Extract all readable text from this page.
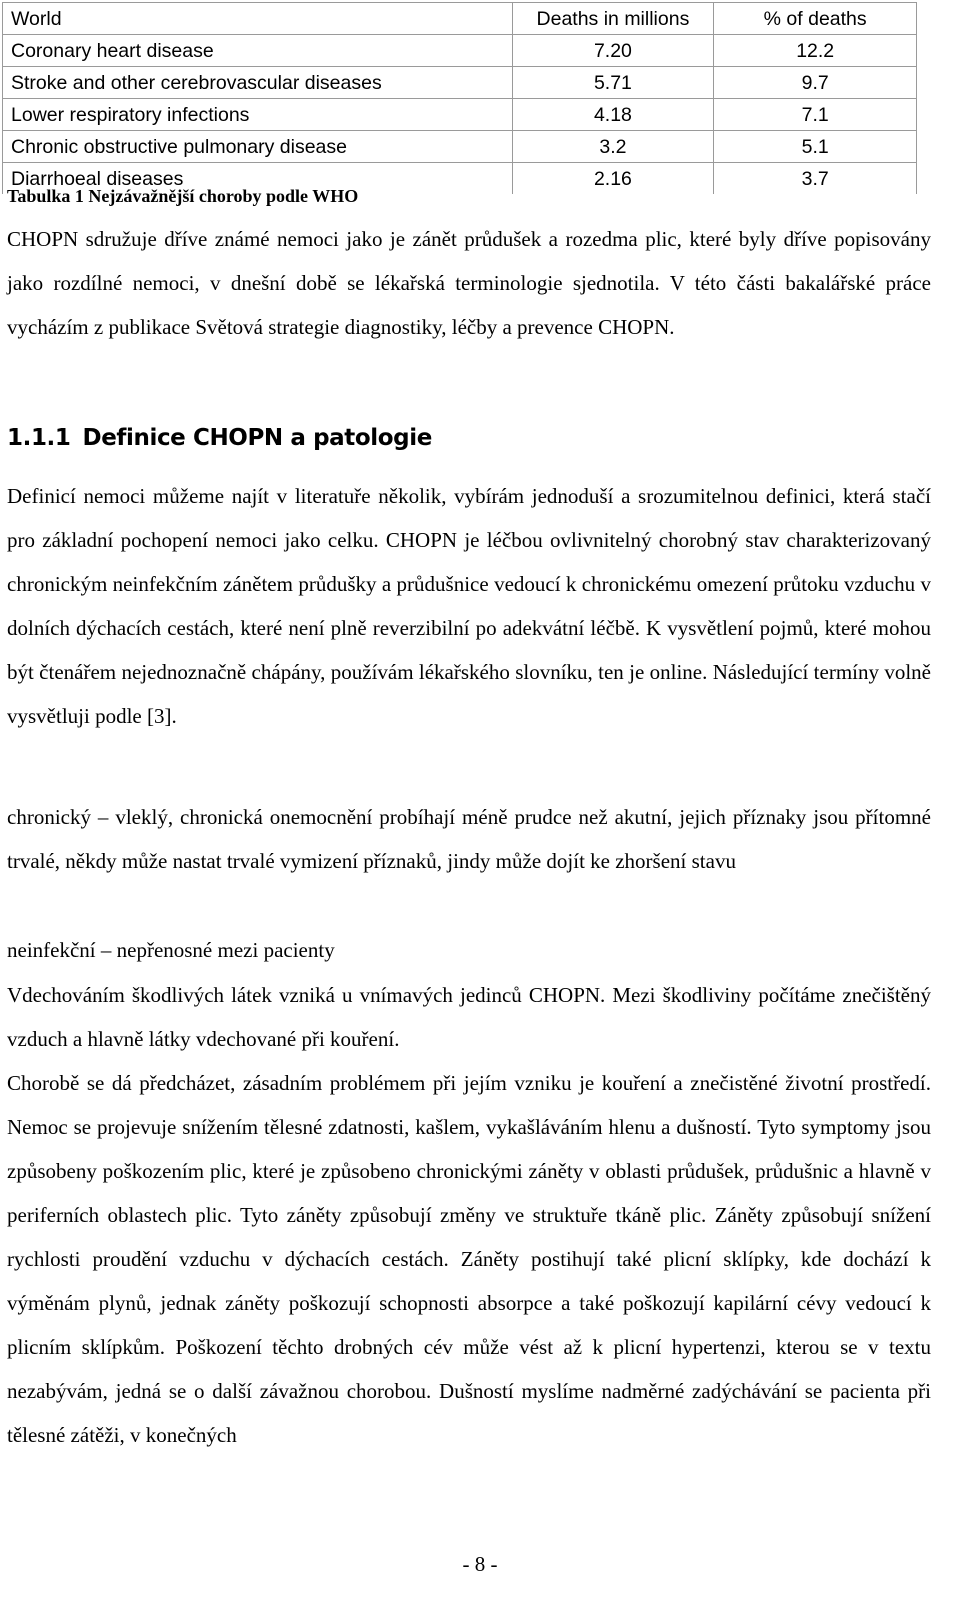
World	Deaths in millions	% of deaths
Coronary heart disease	7.20	12.2
Stroke and other cerebrovascular diseases	5.71	9.7
Lower respiratory infections	4.18	7.1
Chronic obstructive pulmonary disease	3.2	5.1
Diarrhoeal diseases	2.16	3.7
Tabulka 1 Nejzávažnější choroby podle WHO
CHOPN sdružuje dříve známé nemoci jako je zánět průdušek a rozedma plic, které byly dříve popisovány jako rozdílné nemoci, v dnešní době se lékařská terminologie sjednotila. V této části bakalářské práce vycházím z publikace Světová strategie diagnostiky, léčby a prevence CHOPN.
1.1.1 Definice CHOPN a patologie
Definicí nemoci můžeme najít v literatuře několik, vybírám jednoduší a srozumitelnou definici, která stačí pro základní pochopení nemoci jako celku. CHOPN je léčbou ovlivnitelný chorobný stav charakterizovaný chronickým neinfekčním zánětem průdušky a průdušnice vedoucí k chronickému omezení průtoku vzduchu v dolních dýchacích cestách, které není plně reverzibilní po adekvátní léčbě. K vysvětlení pojmů, které mohou být čtenářem nejednoznačně chápány, používám lékařského slovníku, ten je online. Následující termíny volně vysvětluji podle [3].
chronický – vleklý, chronická onemocnění probíhají méně prudce než akutní, jejich příznaky jsou přítomné trvalé, někdy může nastat trvalé vymizení příznaků, jindy může dojít ke zhoršení stavu
neinfekční – nepřenosné mezi pacienty
Vdechováním škodlivých látek vzniká u vnímavých jedinců CHOPN. Mezi škodliviny počítáme znečištěný vzduch a hlavně látky vdechované při kouření.
Chorobě se dá předcházet, zásadním problémem při jejím vzniku je kouření a znečistěné životní prostředí. Nemoc se projevuje snížením tělesné zdatnosti, kašlem, vykašláváním hlenu a dušností. Tyto symptomy jsou způsobeny poškozením plic, které je způsobeno chronickými záněty v oblasti průdušek, průdušnic a hlavně v periferních oblastech plic. Tyto záněty způsobují změny ve struktuře tkáně plic. Záněty způsobují snížení rychlosti proudění vzduchu v dýchacích cestách. Záněty postihují také plicní sklípky, kde dochází k výměnám plynů, jednak záněty poškozují schopnosti absorpce a také poškozují kapilární cévy vedoucí k plicním sklípkům. Poškození těchto drobných cév může vést až k plicní hypertenzi, kterou se v textu nezabývám, jedná se o další závažnou chorobou. Dušností myslíme nadměrné zadýchávání se pacienta při tělesné zátěži, v konečných
- 8 -
